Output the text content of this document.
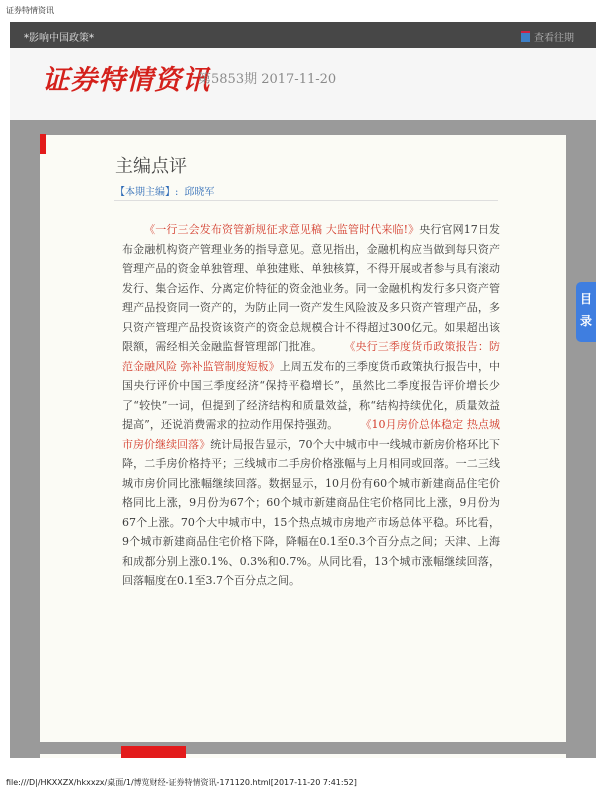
证券特情资讯
*影响中国政策*	查看往期
证券特情资讯
第5853期 2017-11-20
主编点评
【本期主编】: 邱晓军

  《一行三会发布资管新规征求意见稿 大监管时代来临!》央行官网17日发布金融机构资产管理业务的指导意见。意见指出，金融机构应当做到每只资产管理产品的资金单独管理、单独建账、单独核算，不得开展或者参与具有滚动发行、集合运作、分离定价特征的资金池业务。同一金融机构发行多只资产管理产品投资同一资产的，为防止同一资产发生风险波及多只资产管理产品，多只资产管理产品投资该资产的资金总规模合计不得超过300亿元。如果超出该限额，需经相关金融监督管理部门批准。   《央行三季度货币政策报告：防范金融风险 弥补监管制度短板》上周五发布的三季度货币政策执行报告中，中国央行评价中国三季度经济“保持平稳增长”，虽然比二季度报告评价增长少了“较快”一词，但提到了经济结构和质量效益，称“结构持续优化，质量效益提高”，还说消费需求的拉动作用保持强劲。   《10月房价总体稳定 热点城市房价继续回落》统计局报告显示，70个大中城市中一线城市新房价格环比下降，二手房价格持平；三线城市二手房价格涨幅与上月相同或回落。一二三线城市房价同比涨幅继续回落。数据显示，10月份有60个城市新建商品住宅价格同比上涨，9月份为67个；60个城市新建商品住宅价格同比上涨，9月份为67个上涨。70个大中城市中，15个热点城市房地产市场总体平稳。环比看，9个城市新建商品住宅价格下降，降幅在0.1至0.3个百分点之间；天津、上海和成都分别上涨0.1%、0.3%和0.7%。从同比看，13个城市涨幅继续回落，回落幅度在0.1至3.7个百分点之间。

目
录
file:///D|/HKXXZX/hkxxzx/桌面/1/博览财经-证券特情资讯-171120.html[2017-11-20 7:41:52]
